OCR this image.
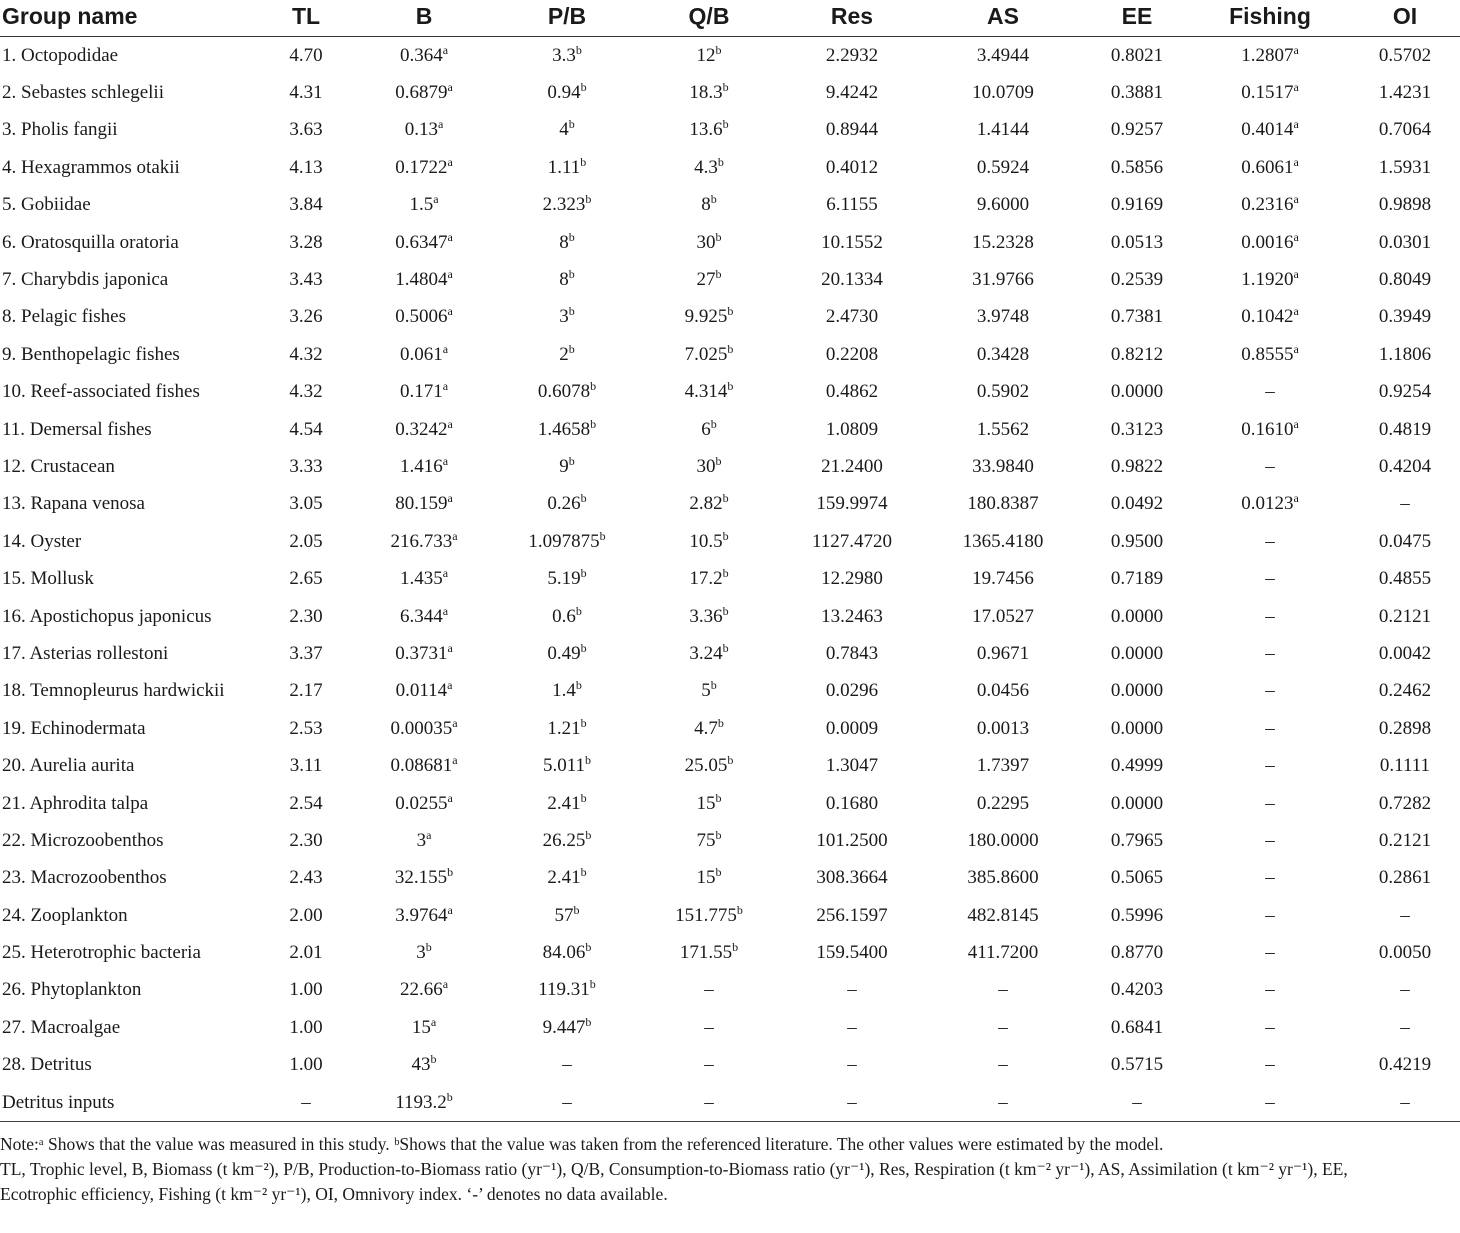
Group name	TL	B	P/B	Q/B	Res	AS	EE	Fishing	OI
1. Octopodidae	4.70	0.364$^a$	3.3$^b$	12$^b$	2.2932	3.4944	0.8021	1.2807$^a$	0.5702
2. Sebastes schlegelii	4.31	0.6879$^a$	0.94$^b$	18.3$^b$	9.4242	10.0709	0.3881	0.1517$^a$	1.4231
3. Pholis fangii	3.63	0.13$^a$	4$^b$	13.6$^b$	0.8944	1.4144	0.9257	0.4014$^a$	0.7064
4. Hexagrammos otakii	4.13	0.1722$^a$	1.11$^b$	4.3$^b$	0.4012	0.5924	0.5856	0.6061$^a$	1.5931
5. Gobiidae	3.84	1.5$^a$	2.323$^b$	8$^b$	6.1155	9.6000	0.9169	0.2316$^a$	0.9898
6. Oratosquilla oratoria	3.28	0.6347$^a$	8$^b$	30$^b$	10.1552	15.2328	0.0513	0.0016$^a$	0.0301
7. Charybdis japonica	3.43	1.4804$^a$	8$^b$	27$^b$	20.1334	31.9766	0.2539	1.1920$^a$	0.8049
8. Pelagic fishes	3.26	0.5006$^a$	3$^b$	9.925$^b$	2.4730	3.9748	0.7381	0.1042$^a$	0.3949
9. Benthopelagic fishes	4.32	0.061$^a$	2$^b$	7.025$^b$	0.2208	0.3428	0.8212	0.8555$^a$	1.1806
10. Reef-associated fishes	4.32	0.171$^a$	0.6078$^b$	4.314$^b$	0.4862	0.5902	0.0000	–	0.9254
11. Demersal fishes	4.54	0.3242$^a$	1.4658$^b$	6$^b$	1.0809	1.5562	0.3123	0.1610$^a$	0.4819
12. Crustacean	3.33	1.416$^a$	9$^b$	30$^b$	21.2400	33.9840	0.9822	–	0.4204
13. Rapana venosa	3.05	80.159$^a$	0.26$^b$	2.82$^b$	159.9974	180.8387	0.0492	0.0123$^a$	–
14. Oyster	2.05	216.733$^a$	1.097875$^b$	10.5$^b$	1127.4720	1365.4180	0.9500	–	0.0475
15. Mollusk	2.65	1.435$^a$	5.19$^b$	17.2$^b$	12.2980	19.7456	0.7189	–	0.4855
16. Apostichopus japonicus	2.30	6.344$^a$	0.6$^b$	3.36$^b$	13.2463	17.0527	0.0000	–	0.2121
17. Asterias rollestoni	3.37	0.3731$^a$	0.49$^b$	3.24$^b$	0.7843	0.9671	0.0000	–	0.0042
18. Temnopleurus hardwickii	2.17	0.0114$^a$	1.4$^b$	5$^b$	0.0296	0.0456	0.0000	–	0.2462
19. Echinodermata	2.53	0.00035$^a$	1.21$^b$	4.7$^b$	0.0009	0.0013	0.0000	–	0.2898
20. Aurelia aurita	3.11	0.08681$^a$	5.011$^b$	25.05$^b$	1.3047	1.7397	0.4999	–	0.1111
21. Aphrodita talpa	2.54	0.0255$^a$	2.41$^b$	15$^b$	0.1680	0.2295	0.0000	–	0.7282
22. Microzoobenthos	2.30	3$^a$	26.25$^b$	75$^b$	101.2500	180.0000	0.7965	–	0.2121
23. Macrozoobenthos	2.43	32.155$^b$	2.41$^b$	15$^b$	308.3664	385.8600	0.5065	–	0.2861
24. Zooplankton	2.00	3.9764$^a$	57$^b$	151.775$^b$	256.1597	482.8145	0.5996	–	–
25. Heterotrophic bacteria	2.01	3$^b$	84.06$^b$	171.55$^b$	159.5400	411.7200	0.8770	–	0.0050
26. Phytoplankton	1.00	22.66$^a$	119.31$^b$	–	–	–	0.4203	–	–
27. Macroalgae	1.00	15$^a$	9.447$^b$	–	–	–	0.6841	–	–
28. Detritus	1.00	43$^b$	–	–	–	–	0.5715	–	0.4219
Detritus inputs	–	1193.2$^b$	–	–	–	–	–	–	–

Note:ᵃ Shows that the value was measured in this study. ᵇShows that the value was taken from the referenced literature. The other values were estimated by the model.

TL, Trophic level, B, Biomass (t km⁻²), P/B, Production-to-Biomass ratio (yr⁻¹), Q/B, Consumption-to-Biomass ratio (yr⁻¹), Res, Respiration (t km⁻² yr⁻¹), AS, Assimilation (t km⁻² yr⁻¹), EE,

Ecotrophic efficiency, Fishing (t km⁻² yr⁻¹), OI, Omnivory index. ‘-’ denotes no data available.
